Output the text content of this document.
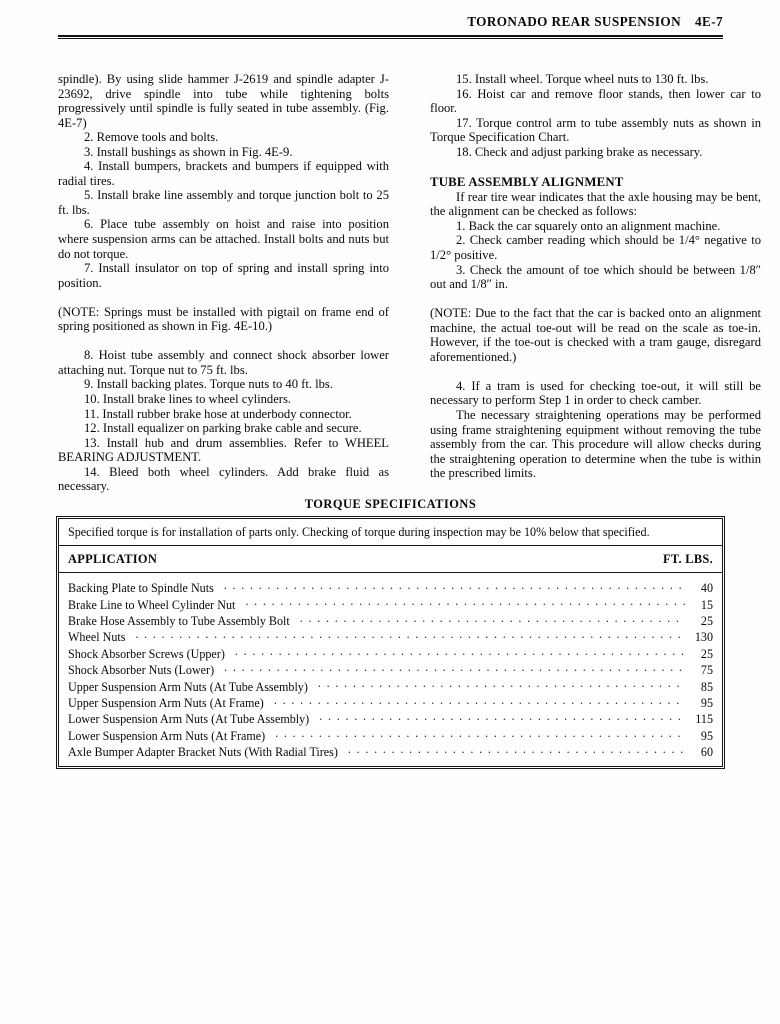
TORONADO REAR SUSPENSION 4E-7

spindle). By using slide hammer J-2619 and spindle adapter J-23692, drive spindle into tube while tightening bolts progressively until spindle is fully seated in tube assembly. (Fig. 4E-7)

2. Remove tools and bolts.

3. Install bushings as shown in Fig. 4E-9.

4. Install bumpers, brackets and bumpers if equipped with radial tires.

5. Install brake line assembly and torque junction bolt to 25 ft. lbs.

6. Place tube assembly on hoist and raise into position where suspension arms can be attached. Install bolts and nuts but do not torque.

7. Install insulator on top of spring and install spring into position.

(NOTE: Springs must be installed with pigtail on frame end of spring positioned as shown in Fig. 4E-10.)

8. Hoist tube assembly and connect shock absorber lower attaching nut. Torque nut to 75 ft. lbs.

9. Install backing plates. Torque nuts to 40 ft. lbs.

10. Install brake lines to wheel cylinders.

11. Install rubber brake hose at underbody connector.

12. Install equalizer on parking brake cable and secure.

13. Install hub and drum assemblies. Refer to WHEEL BEARING ADJUSTMENT.

14. Bleed both wheel cylinders. Add brake fluid as necessary.

15. Install wheel. Torque wheel nuts to 130 ft. lbs.

16. Hoist car and remove floor stands, then lower car to floor.

17. Torque control arm to tube assembly nuts as shown in Torque Specification Chart.

18. Check and adjust parking brake as necessary.

TUBE ASSEMBLY ALIGNMENT

If rear tire wear indicates that the axle housing may be bent, the alignment can be checked as follows:

1. Back the car squarely onto an alignment machine.

2. Check camber reading which should be 1/4° negative to 1/2° positive.

3. Check the amount of toe which should be between 1/8″ out and 1/8″ in.

(NOTE: Due to the fact that the car is backed onto an alignment machine, the actual toe-out will be read on the scale as toe-in. However, if the toe-out is checked with a tram gauge, disregard aforementioned.)

4. If a tram is used for checking toe-out, it will still be necessary to perform Step 1 in order to check camber.

The necessary straightening operations may be performed using frame straightening equipment without removing the tube assembly from the car. This procedure will allow checks during the straightening operation to determine when the tube is within the prescribed limits.

TORQUE SPECIFICATIONS
Specified torque is for installation of parts only. Checking of torque during inspection may be 10% below that specified.
APPLICATION	FT. LBS.
Backing Plate to Spindle Nuts . . .	40
Brake Line to Wheel Cylinder Nut . . .	15
Brake Hose Assembly to Tube Assembly Bolt . . .	25
Wheel Nuts . . .	130
Shock Absorber Screws (Upper) . . .	25
Shock Absorber Nuts (Lower) . . .	75
Upper Suspension Arm Nuts (At Tube Assembly) . . .	85
Upper Suspension Arm Nuts (At Frame) . . .	95
Lower Suspension Arm Nuts (At Tube Assembly) . . .	115
Lower Suspension Arm Nuts (At Frame) . . .	95
Axle Bumper Adapter Bracket Nuts (With Radial Tires) . . .	60
